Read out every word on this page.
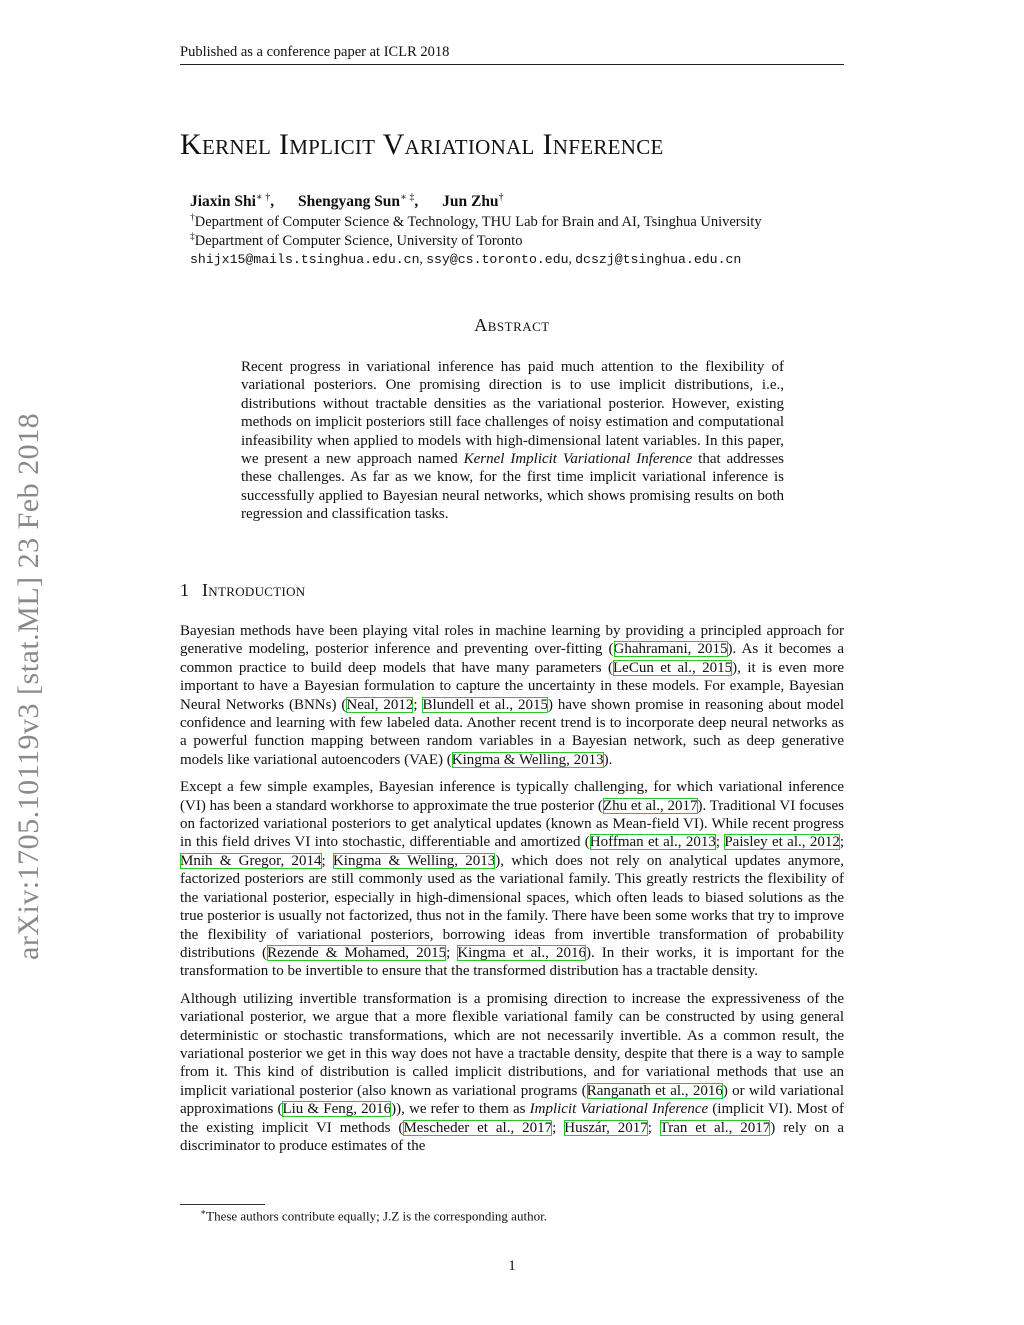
Published as a conference paper at ICLR 2018
arXiv:1705.10119v3 [stat.ML] 23 Feb 2018
Kernel Implicit Variational Inference
Jiaxin Shi∗ †, Shengyang Sun∗ ‡, Jun Zhu†
†Department of Computer Science & Technology, THU Lab for Brain and AI, Tsinghua University
‡Department of Computer Science, University of Toronto
shijx15@mails.tsinghua.edu.cn, ssy@cs.toronto.edu, dcszj@tsinghua.edu.cn
Abstract
Recent progress in variational inference has paid much attention to the flexibility of variational posteriors. One promising direction is to use implicit distributions, i.e., distributions without tractable densities as the variational posterior. However, existing methods on implicit posteriors still face challenges of noisy estimation and computational infeasibility when applied to models with high-dimensional latent variables. In this paper, we present a new approach named Kernel Implicit Variational Inference that addresses these challenges. As far as we know, for the first time implicit variational inference is successfully applied to Bayesian neural networks, which shows promising results on both regression and classification tasks.
1 Introduction

Bayesian methods have been playing vital roles in machine learning by providing a principled approach for generative modeling, posterior inference and preventing over-fitting (Ghahramani, 2015). As it becomes a common practice to build deep models that have many parameters (LeCun et al., 2015), it is even more important to have a Bayesian formulation to capture the uncertainty in these models. For example, Bayesian Neural Networks (BNNs) (Neal, 2012; Blundell et al., 2015) have shown promise in reasoning about model confidence and learning with few labeled data. Another recent trend is to incorporate deep neural networks as a powerful function mapping between random variables in a Bayesian network, such as deep generative models like variational autoencoders (VAE) (Kingma & Welling, 2013).

Except a few simple examples, Bayesian inference is typically challenging, for which variational inference (VI) has been a standard workhorse to approximate the true posterior (Zhu et al., 2017). Traditional VI focuses on factorized variational posteriors to get analytical updates (known as Mean-field VI). While recent progress in this field drives VI into stochastic, differentiable and amortized (Hoffman et al., 2013; Paisley et al., 2012; Mnih & Gregor, 2014; Kingma & Welling, 2013), which does not rely on analytical updates anymore, factorized posteriors are still commonly used as the variational family. This greatly restricts the flexibility of the variational posterior, especially in high-dimensional spaces, which often leads to biased solutions as the true posterior is usually not factorized, thus not in the family. There have been some works that try to improve the flexibility of variational posteriors, borrowing ideas from invertible transformation of probability distributions (Rezende & Mohamed, 2015; Kingma et al., 2016). In their works, it is important for the transformation to be invertible to ensure that the transformed distribution has a tractable density.

Although utilizing invertible transformation is a promising direction to increase the expressiveness of the variational posterior, we argue that a more flexible variational family can be constructed by using general deterministic or stochastic transformations, which are not necessarily invertible. As a common result, the variational posterior we get in this way does not have a tractable density, despite that there is a way to sample from it. This kind of distribution is called implicit distributions, and for variational methods that use an implicit variational posterior (also known as variational programs (Ranganath et al., 2016) or wild variational approximations (Liu & Feng, 2016)), we refer to them as Implicit Variational Inference (implicit VI). Most of the existing implicit VI methods (Mescheder et al., 2017; Huszár, 2017; Tran et al., 2017) rely on a discriminator to produce estimates of the

∗These authors contribute equally; J.Z is the corresponding author.
1
